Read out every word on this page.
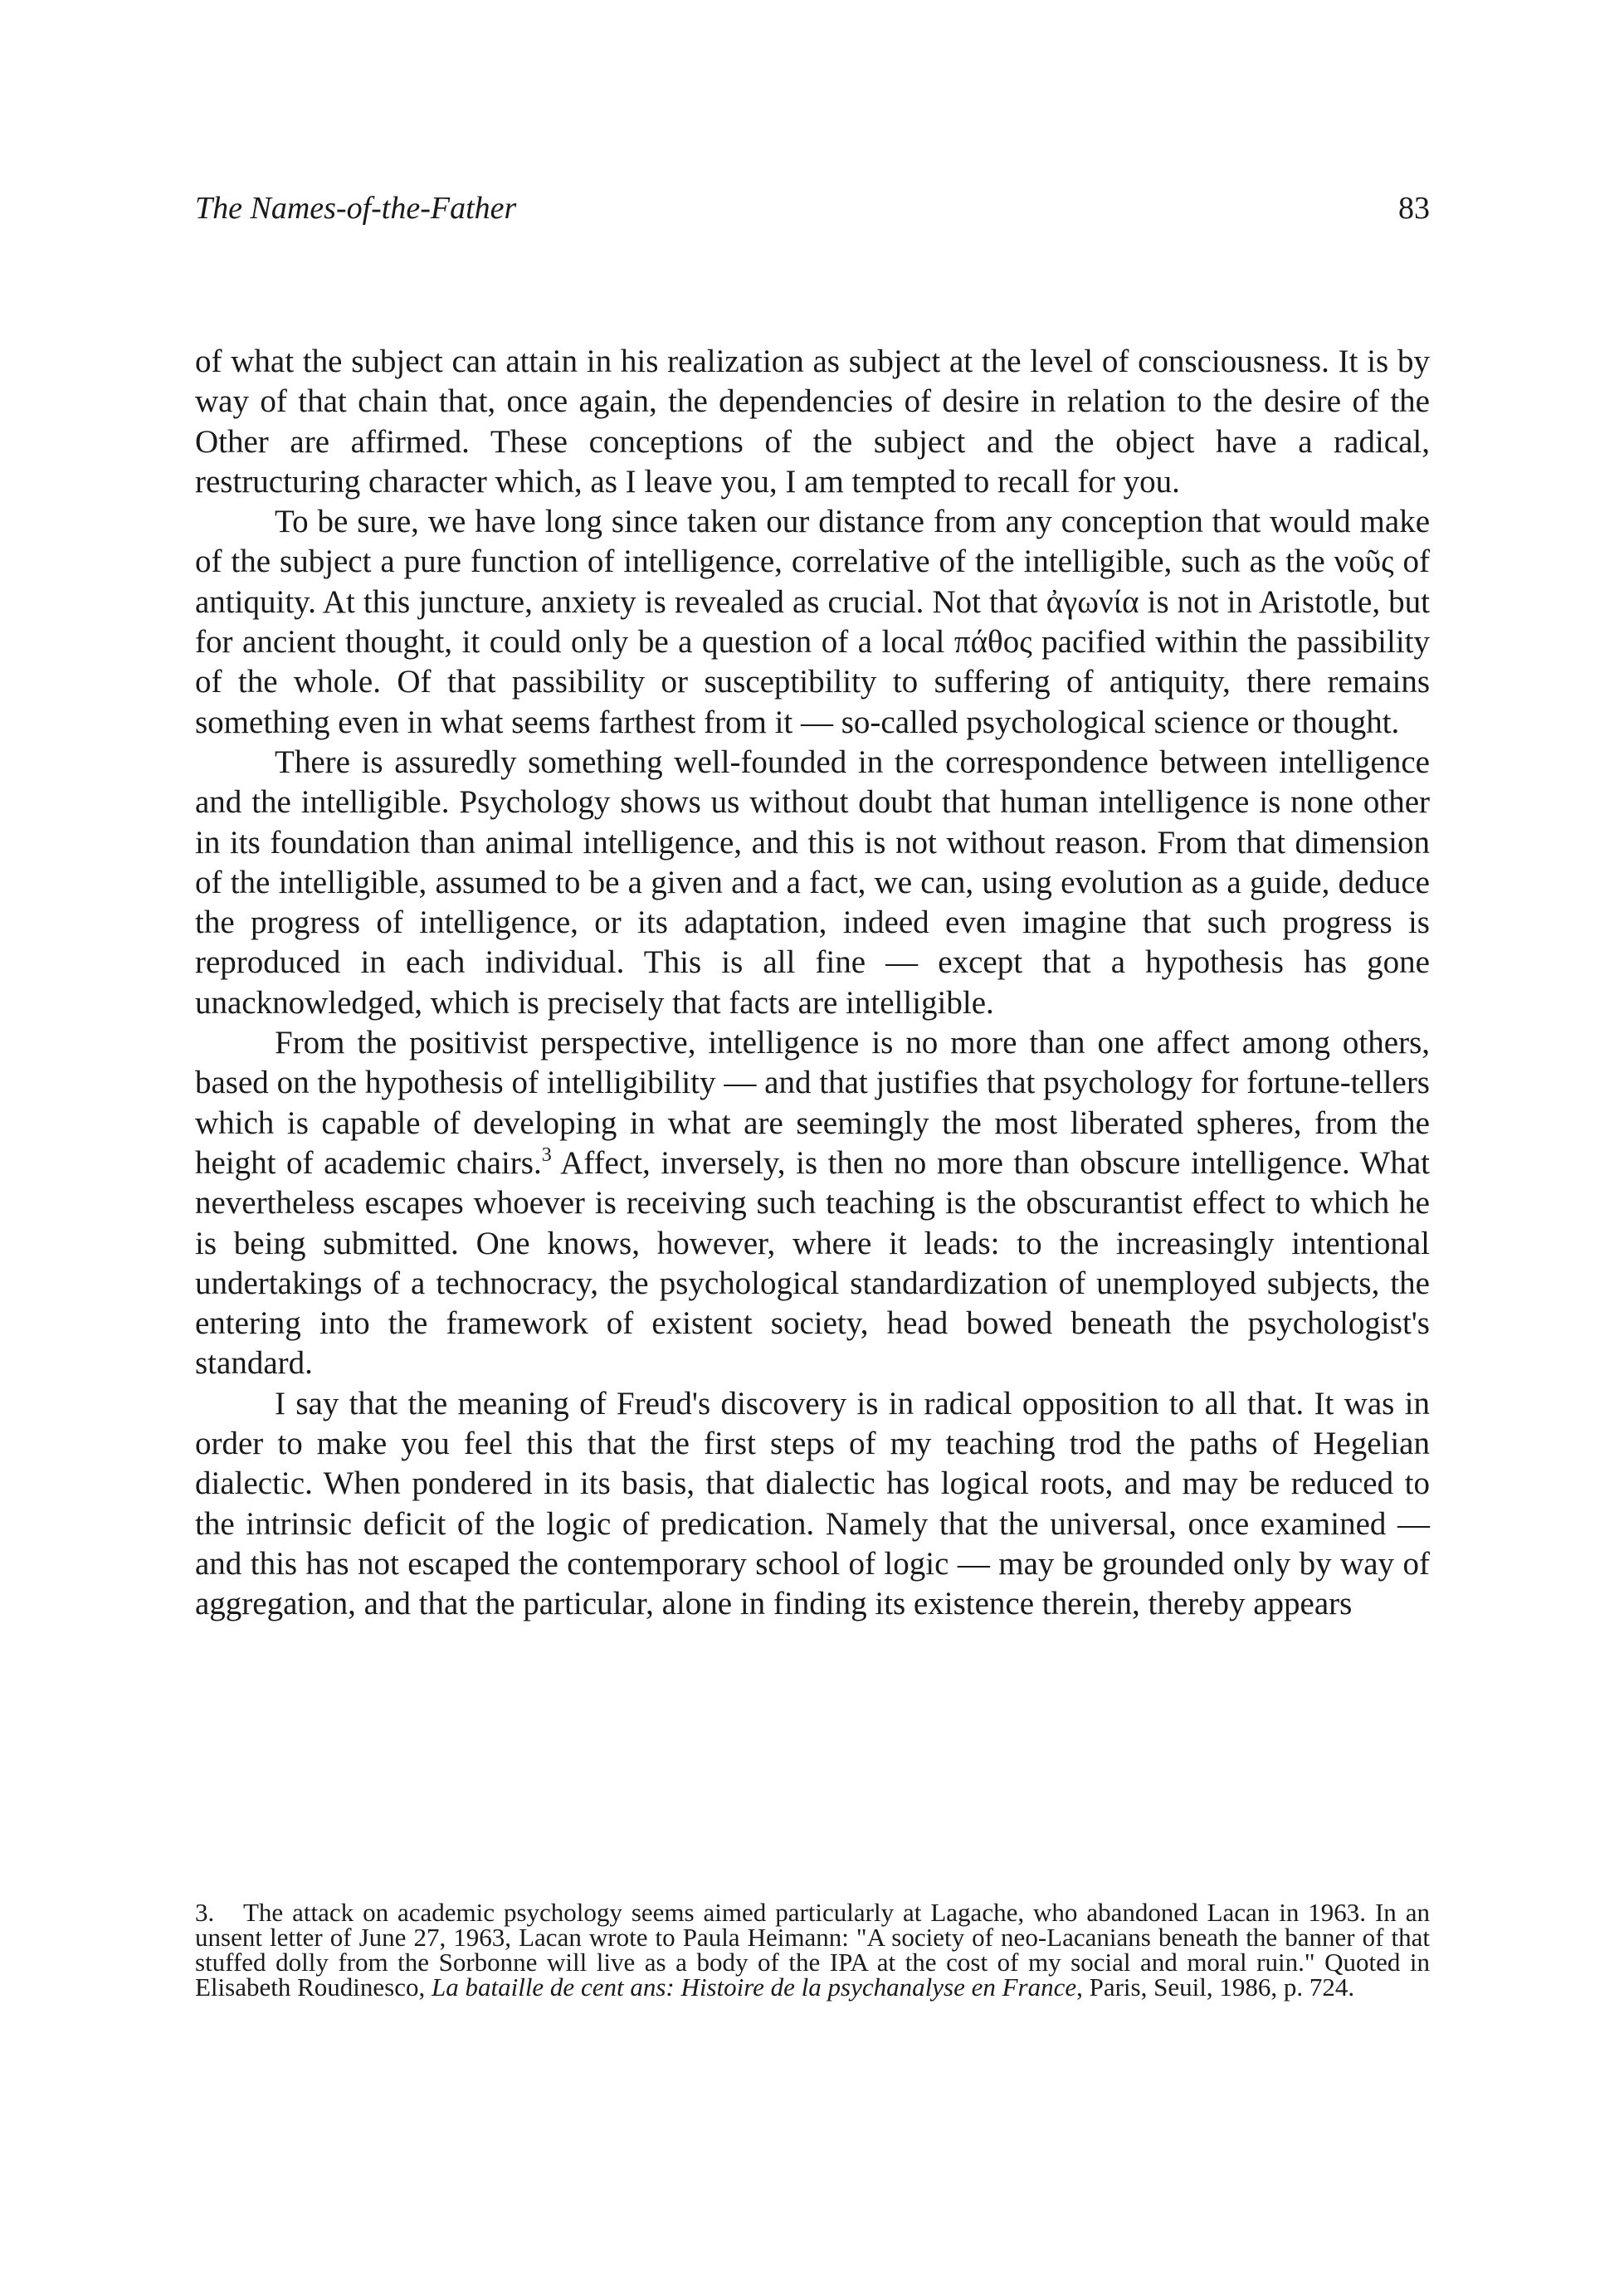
The Names-of-the-Father	83

of what the subject can attain in his realization as subject at the level of consciousness. It is by way of that chain that, once again, the dependencies of desire in relation to the desire of the Other are affirmed. These conceptions of the subject and the object have a radical, restructuring character which, as I leave you, I am tempted to recall for you.

To be sure, we have long since taken our distance from any conception that would make of the subject a pure function of intelligence, correlative of the intelligible, such as the νοῦς of antiquity. At this juncture, anxiety is revealed as crucial. Not that ἀγωνία is not in Aristotle, but for ancient thought, it could only be a question of a local πάθος pacified within the passibility of the whole. Of that passibility or susceptibility to suffering of antiquity, there remains something even in what seems farthest from it — so-called psychological science or thought.

There is assuredly something well-founded in the correspondence between intelligence and the intelligible. Psychology shows us without doubt that human intelligence is none other in its foundation than animal intelligence, and this is not without reason. From that dimension of the intelligible, assumed to be a given and a fact, we can, using evolution as a guide, deduce the progress of intelligence, or its adaptation, indeed even imagine that such progress is reproduced in each individual. This is all fine — except that a hypothesis has gone unacknowledged, which is precisely that facts are intelligible.

From the positivist perspective, intelligence is no more than one affect among others, based on the hypothesis of intelligibility — and that justifies that psychology for fortune-tellers which is capable of developing in what are seemingly the most liberated spheres, from the height of academic chairs.$^3$ Affect, inversely, is then no more than obscure intelligence. What nevertheless escapes whoever is receiving such teaching is the obscurantist effect to which he is being submitted. One knows, however, where it leads: to the increasingly intentional undertakings of a technocracy, the psychological standardization of unemployed subjects, the entering into the framework of existent society, head bowed beneath the psychologist's standard.

I say that the meaning of Freud's discovery is in radical opposition to all that. It was in order to make you feel this that the first steps of my teaching trod the paths of Hegelian dialectic. When pondered in its basis, that dialectic has logical roots, and may be reduced to the intrinsic deficit of the logic of predication. Namely that the universal, once examined — and this has not escaped the contemporary school of logic — may be grounded only by way of aggregation, and that the particular, alone in finding its existence therein, thereby appears

3. The attack on academic psychology seems aimed particularly at Lagache, who abandoned Lacan in 1963. In an unsent letter of June 27, 1963, Lacan wrote to Paula Heimann: "A society of neo-Lacanians beneath the banner of that stuffed dolly from the Sorbonne will live as a body of the IPA at the cost of my social and moral ruin." Quoted in Elisabeth Roudinesco, La bataille de cent ans: Histoire de la psychanalyse en France, Paris, Seuil, 1986, p. 724.
